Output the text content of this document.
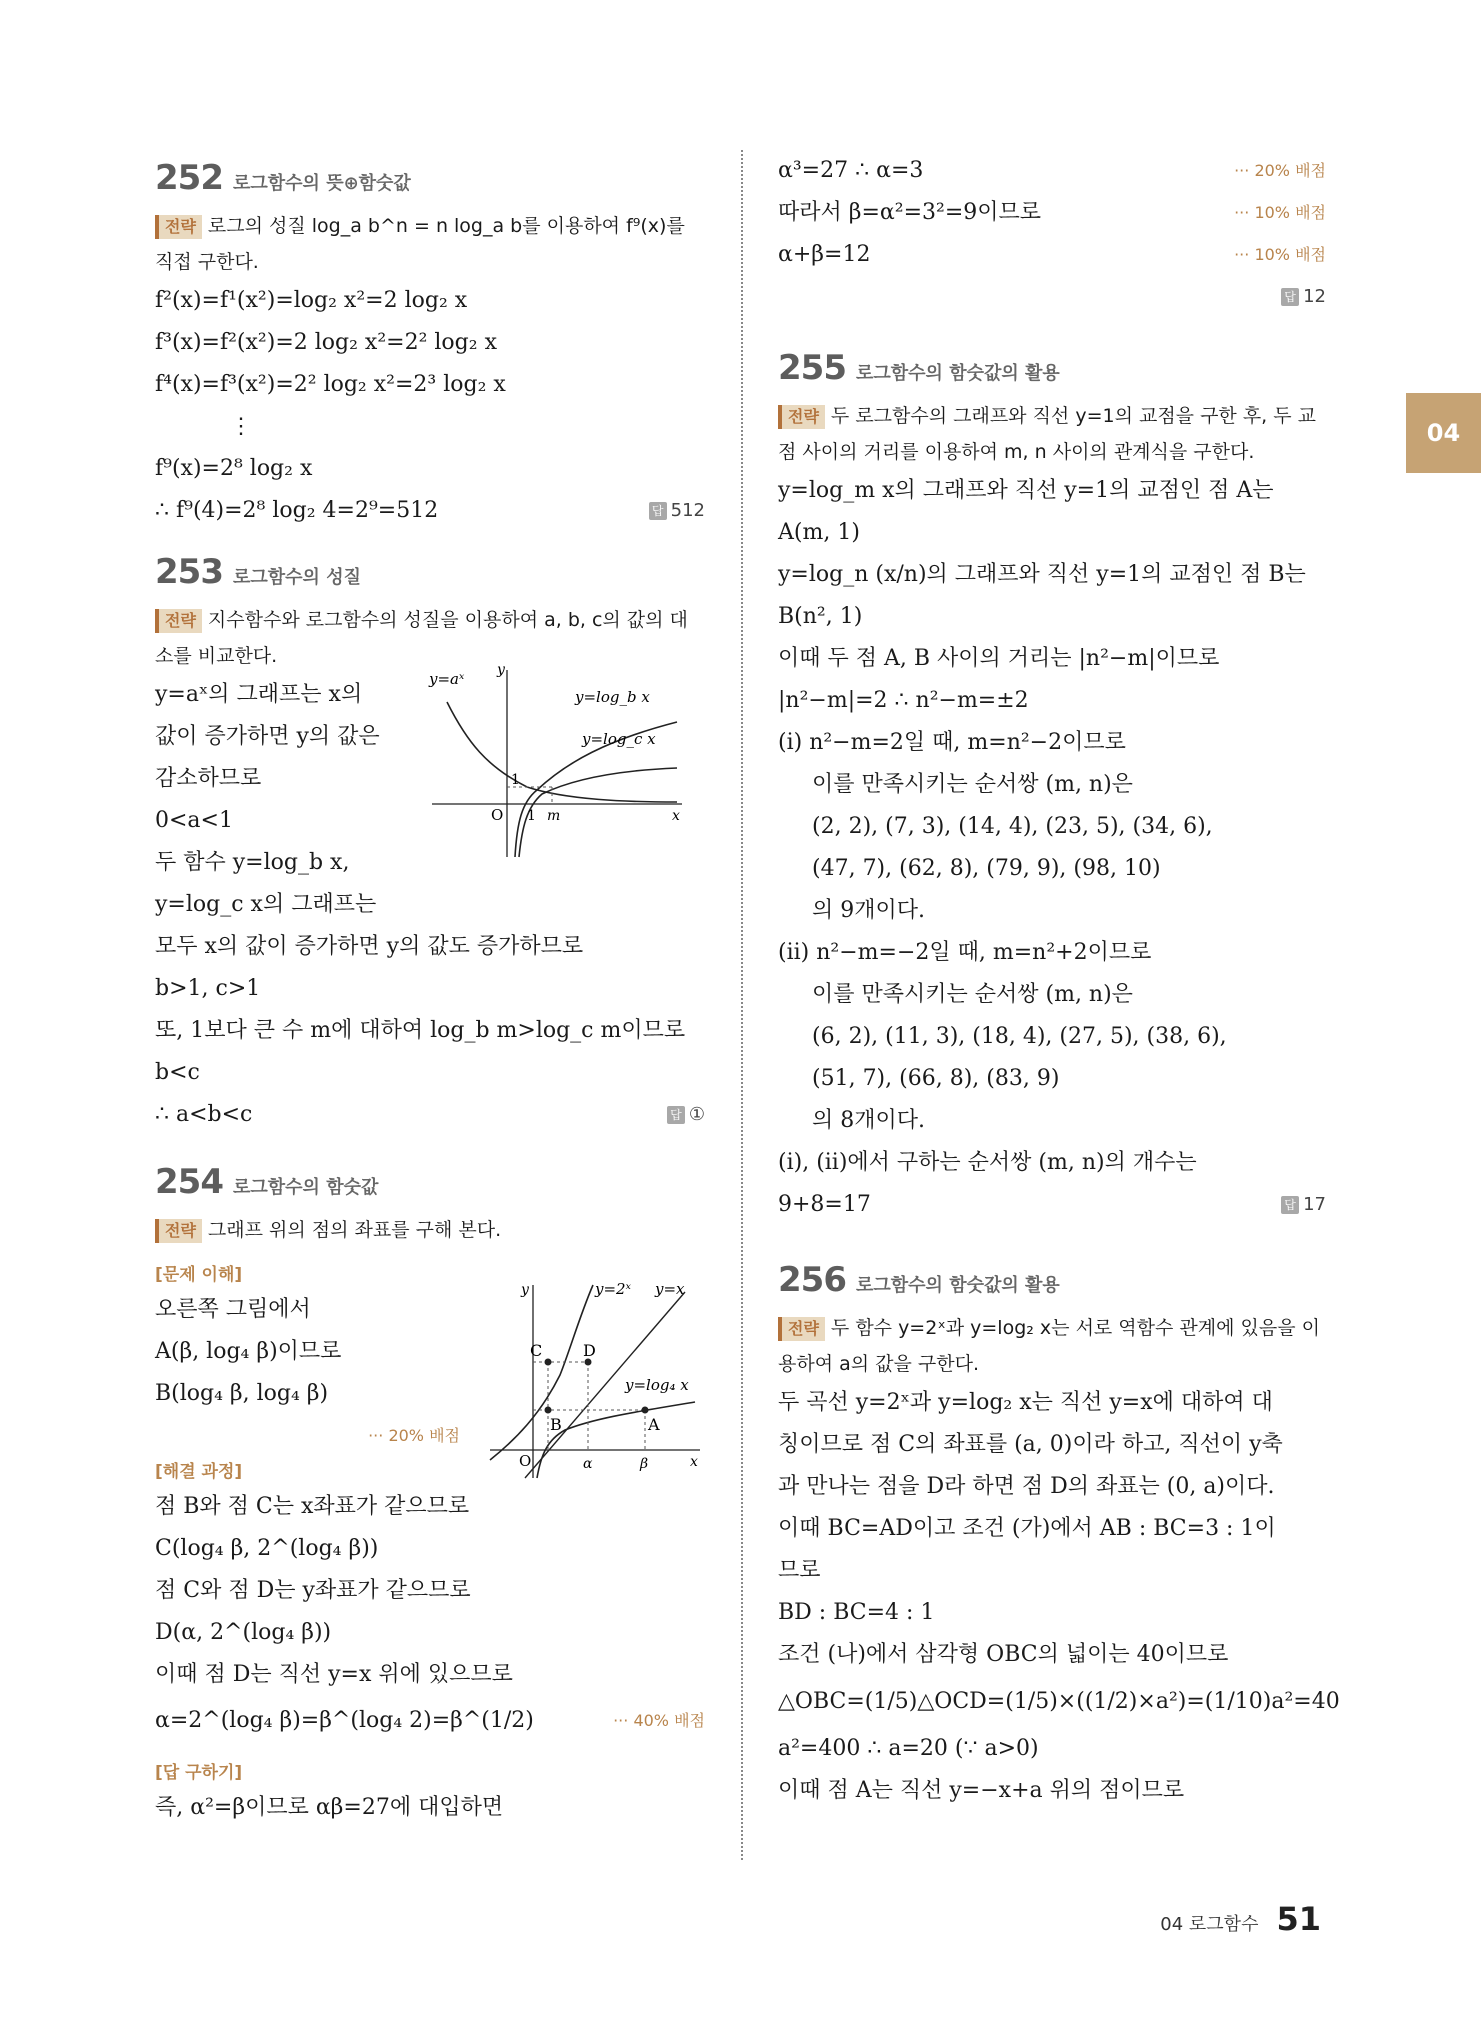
04
252 로그함수의 뜻⊕함숫값
전략 로그의 성질 log_a b^n = n log_a b를 이용하여 f⁹(x)를 직접 구한다.
f²(x)=f¹(x²)=log₂ x²=2 log₂ x
f³(x)=f²(x²)=2 log₂ x²=2² log₂ x
f⁴(x)=f³(x²)=2² log₂ x²=2³ log₂ x
⋮
f⁹(x)=2⁸ log₂ x
∴ f⁹(4)=2⁸ log₂ 4=2⁹=512	답 512
253 로그함수의 성질
전략 지수함수와 로그함수의 성질을 이용하여 a, b, c의 값의 대소를 비교한다.
y=aˣ의 그래프는 x의
값이 증가하면 y의 값은
감소하므로
0<a<1
두 함수 y=log_b x,
y=log_c x의 그래프는
모두 x의 값이 증가하면 y의 값도 증가하므로
b>1, c>1
또, 1보다 큰 수 m에 대하여 log_b m>log_c m이므로
b<c
∴ a<b<c	답 ①
y=aˣ y
x
y=log_b x
y=log_c x
O
1
1 m
254 로그함수의 함숫값
전략 그래프 위의 점의 좌표를 구해 본다.
[문제 이해]
오른쪽 그림에서
A(β, log₄ β)이므로
B(log₄ β, log₄ β)
··· 20% 배점
[해결 과정]
점 B와 점 C는 x좌표가 같으므로
C(log₄ β, 2^(log₄ β))
점 C와 점 D는 y좌표가 같으므로
D(α, 2^(log₄ β))
이때 점 D는 직선 y=x 위에 있으므로
α=2^(log₄ β)=β^(log₄ 2)=β^(1/2)	··· 40% 배점
[답 구하기]
즉, α²=β이므로 αβ=27에 대입하면
y
x
y=2ˣ y=x
y=log₄ x
C	D
B	A
O	α	β
α³=27 ∴ α=3	··· 20% 배점
따라서 β=α²=3²=9이므로	··· 10% 배점
α+β=12	··· 10% 배점
답 12

255 로그함수의 함숫값의 활용
전략 두 로그함수의 그래프와 직선 y=1의 교점을 구한 후, 두 교점 사이의 거리를 이용하여 m, n 사이의 관계식을 구한다.
y=log_m x의 그래프와 직선 y=1의 교점인 점 A는
A(m, 1)
y=log_n (x/n)의 그래프와 직선 y=1의 교점인 점 B는
B(n², 1)
이때 두 점 A, B 사이의 거리는 |n²−m|이므로
|n²−m|=2 ∴ n²−m=±2
(i) n²−m=2일 때, m=n²−2이므로
이를 만족시키는 순서쌍 (m, n)은
(2, 2), (7, 3), (14, 4), (23, 5), (34, 6),
(47, 7), (62, 8), (79, 9), (98, 10)
의 9개이다.
(ii) n²−m=−2일 때, m=n²+2이므로
이를 만족시키는 순서쌍 (m, n)은
(6, 2), (11, 3), (18, 4), (27, 5), (38, 6),
(51, 7), (66, 8), (83, 9)
의 8개이다.
(i), (ii)에서 구하는 순서쌍 (m, n)의 개수는
9+8=17	답 17
256 로그함수의 함숫값의 활용
전략 두 함수 y=2ˣ과 y=log₂ x는 서로 역함수 관계에 있음을 이용하여 a의 값을 구한다.
두 곡선 y=2ˣ과 y=log₂ x는 직선 y=x에 대하여 대
칭이므로 점 C의 좌표를 (a, 0)이라 하고, 직선이 y축
과 만나는 점을 D라 하면 점 D의 좌표는 (0, a)이다.
이때 BC=AD이고 조건 (가)에서 AB : BC=3 : 1이
므로
BD : BC=4 : 1
조건 (나)에서 삼각형 OBC의 넓이는 40이므로
△OBC=(1/5)△OCD=(1/5)×((1/2)×a²)=(1/10)a²=40
a²=400 ∴ a=20 (∵ a>0)
이때 점 A는 직선 y=−x+a 위의 점이므로
04 로그함수 51
